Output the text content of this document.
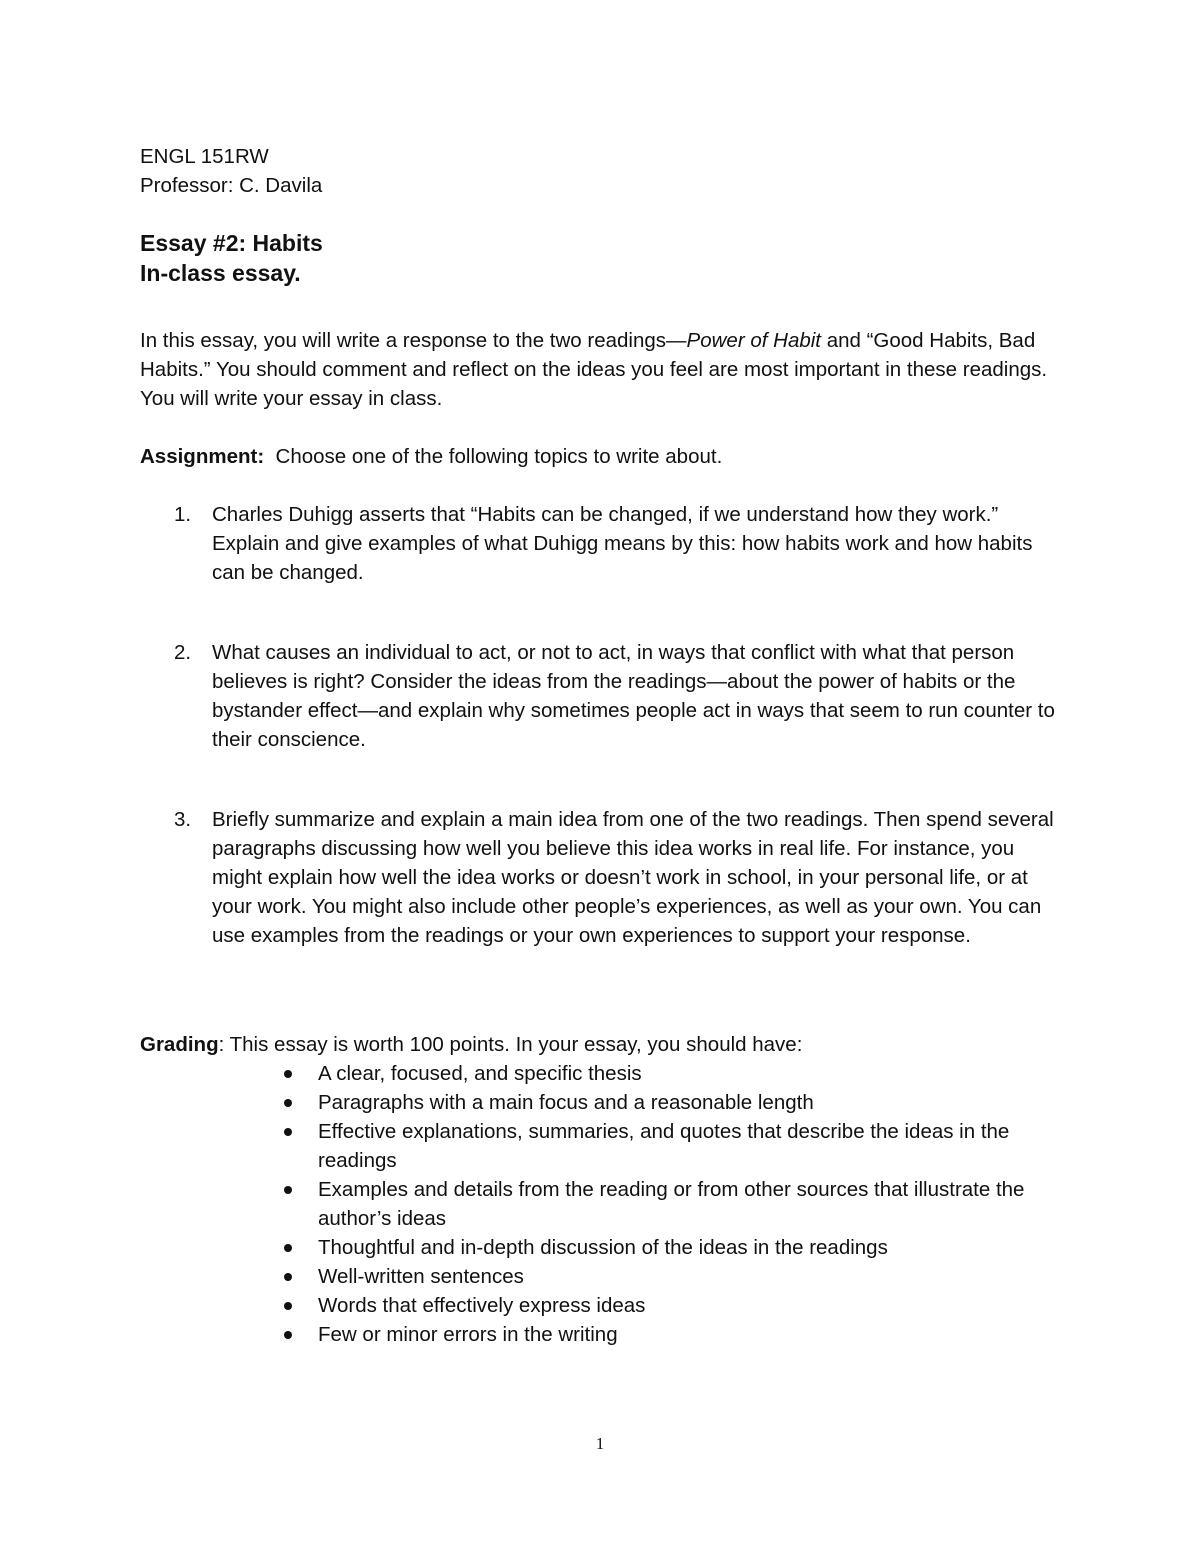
ENGL 151RW
Professor: C. Davila
Essay #2: Habits
In-class essay.

In this essay, you will write a response to the two readings—Power of Habit and “Good Habits, Bad Habits.” You should comment and reflect on the ideas you feel are most important in these readings. You will write your essay in class.

Assignment:  Choose one of the following topics to write about.

1. Charles Duhigg asserts that “Habits can be changed, if we understand how they work.” Explain and give examples of what Duhigg means by this: how habits work and how habits can be changed.
2. What causes an individual to act, or not to act, in ways that conflict with what that person believes is right? Consider the ideas from the readings—about the power of habits or the bystander effect—and explain why sometimes people act in ways that seem to run counter to their conscience.
3. Briefly summarize and explain a main idea from one of the two readings. Then spend several paragraphs discussing how well you believe this idea works in real life. For instance, you might explain how well the idea works or doesn’t work in school, in your personal life, or at your work. You might also include other people’s experiences, as well as your own. You can use examples from the readings or your own experiences to support your response.

Grading: This essay is worth 100 points. In your essay, you should have:

A clear, focused, and specific thesis
Paragraphs with a main focus and a reasonable length
Effective explanations, summaries, and quotes that describe the ideas in the readings
Examples and details from the reading or from other sources that illustrate the author’s ideas
Thoughtful and in-depth discussion of the ideas in the readings
Well-written sentences
Words that effectively express ideas
Few or minor errors in the writing
1
